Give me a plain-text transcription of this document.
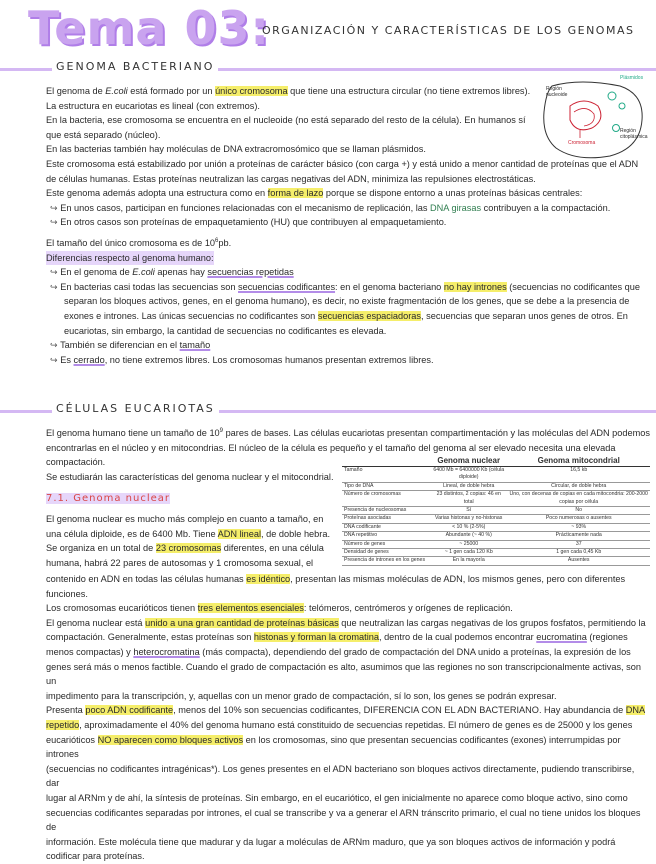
Tema 03:
ORGANIZACIÓN Y CARACTERÍSTICAS DE LOS GENOMAS
GENOMA BACTERIANO
Plásmidos
Región nucleoide
Cromosoma
Región citoplásmica
El genoma de E.coli está formado por un único cromosoma que tiene una estructura circular (no tiene extremos libres).
La estructura en eucariotas es lineal (con extremos).
En la bacteria, ese cromosoma se encuentra en el nucleoide (no está separado del resto de la célula). En humanos sí
que está separado (núcleo).
En las bacterias también hay moléculas de DNA extracromosómico que se llaman plásmidos.
Este cromosoma está estabilizado por unión a proteínas de carácter básico (con carga +) y está unido a menor cantidad de proteínas que el ADN
de células humanas. Estas proteínas neutralizan las cargas negativas del ADN, minimiza las repulsiones electrostáticas.
Este genoma además adopta una estructura como en forma de lazo porque se dispone entorno a unas proteínas básicas centrales:
↪ En unos casos, participan en funciones relacionadas con el mecanismo de replicación, las DNA girasas contribuyen a la compactación.
↪ En otros casos son proteínas de empaquetamiento (HU) que contribuyen al empaquetamiento.
El tamaño del único cromosoma es de $10^6pb$.
Diferencias respecto al genoma humano:
↪ En el genoma de E.coli apenas hay secuencias repetidas
↪ En bacterias casi todas las secuencias son secuencias codificantes: en el genoma bacteriano no hay intrones (secuencias no codificantes que
separan los bloques activos, genes, en el genoma humano), es decir, no existe fragmentación de los genes, que se debe a la presencia de
exones e intrones. Las únicas secuencias no codificantes son secuencias espaciadoras, secuencias que separan unos genes de otros. En
eucariotas, sin embargo, la cantidad de secuencias no codificantes es elevada.
↪ También se diferencian en el tamaño
↪ Es cerrado, no tiene extremos libres. Los cromosomas humanos presentan extremos libres.
CÉLULAS EUCARIOTAS
El genoma humano tiene un tamaño de $10^9$ pares de bases. Las células eucariotas presentan compartimentación y las moléculas del ADN podemos
encontrarlas en el núcleo y en mitocondrias. El núcleo de la célula es pequeño y el tamaño del genoma al ser elevado necesita una elevada
compactación.
Se estudiarán las características del genoma nuclear y el mitocondrial.
7.1. Genoma nuclear
El genoma nuclear es mucho más complejo en cuanto a tamaño, en
una célula diploide, es de 6400 Mb. Tiene ADN lineal, de doble hebra.
Se organiza en un total de 23 cromosomas diferentes, en una célula
humana, habrá 22 pares de autosomas y 1 cromosoma sexual, el
	Genoma nuclear	Genoma mitocondrial
Tamaño	6400 Mb = 6400000 Kb (célula diploide)	16,5 kb
Tipo de DNA	Lineal, de doble hebra	Circular, de doble hebra
Número de cromosomas	23 distintos, 2 copias: 46 en total	Uno, con decenas de copias en cada mitocondria: 200-2000 copias por célula
Presencia de nucleosomas	Sí	No
Proteínas asociadas	Varias histonas y no-histonas	Poco numerosas o ausentes
DNA codificante	< 10 % (2-5%)	~ 93%
DNA repetitivo	Abundante (~ 40 %)	Prácticamente nada
Número de genes	~ 25000	37
Densidad de genes	~ 1 gen cada 120 Kb	1 gen cada 0,45 Kb
Presencia de intrones en los genes	En la mayoría	Ausentes
contenido en ADN en todas las células humanas es idéntico, presentan las mismas moléculas de ADN, los mismos genes, pero con diferentes
funciones.
Los cromosomas eucarióticos tienen tres elementos esenciales: telómeros, centrómeros y orígenes de replicación.
El genoma nuclear está unido a una gran cantidad de proteínas básicas que neutralizan las cargas negativas de los grupos fosfatos, permitiendo la
compactación. Generalmente, estas proteínas son histonas y forman la cromatina, dentro de la cual podemos encontrar eucromatina (regiones
menos compactas) y heterocromatina (más compacta), dependiendo del grado de compactación del DNA unido a proteínas, la expresión de los
genes será más o menos factible. Cuando el grado de compactación es alto, asumimos que las regiones no son transcripcionalmente activas, son un
impedimento para la transcripción, y, aquellas con un menor grado de compactación, sí lo son, los genes se podrán expresar.
Presenta poco ADN codificante, menos del 10% son secuencias codificantes, DIFERENCIA CON EL ADN BACTERIANO. Hay abundancia de DNA
repetido, aproximadamente el 40% del genoma humano está constituido de secuencias repetidas. El número de genes es de 25000 y los genes
eucarióticos NO aparecen como bloques activos en los cromosomas, sino que presentan secuencias codificantes (exones) interrumpidas por intrones
(secuencias no codificantes intragénicas*). Los genes presentes en el ADN bacteriano son bloques activos directamente, pudiendo transcribirse, dar
lugar al ARNm y de ahí, la síntesis de proteínas. Sin embargo, en el eucariótico, el gen inicialmente no aparece como bloque activo, sino como
secuencias codificantes separadas por intrones, el cual se transcribe y va a generar el ARN tránscrito primario, el cual no tiene unidos los bloques de
información. Este molécula tiene que madurar y da lugar a moléculas de ARNm maduro, que ya son bloques activos de información y podrá
codificar para proteínas.
